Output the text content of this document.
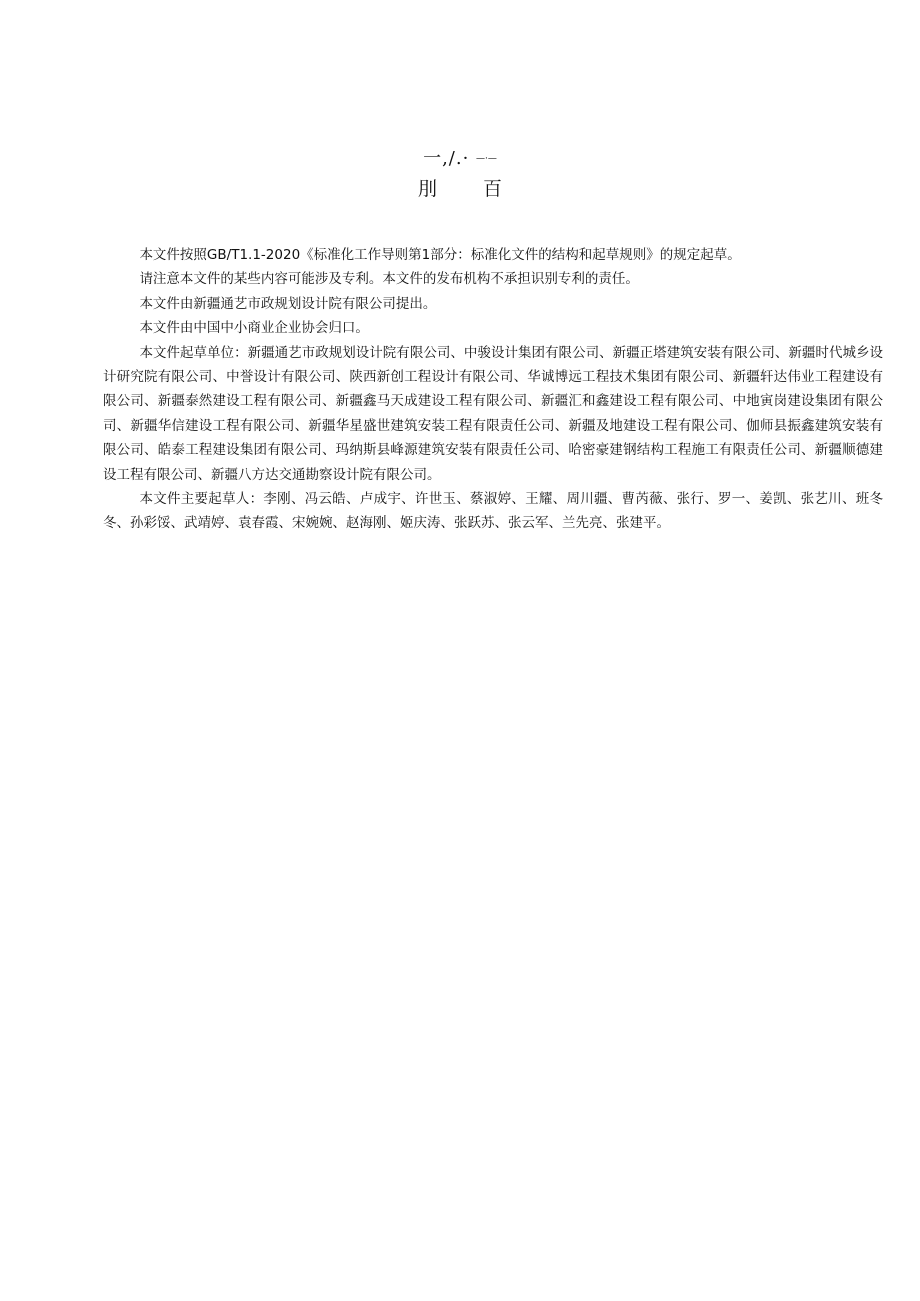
一,/.· —·—
刖百

本文件按照GB/T1.1-2020《标准化工作导则第1部分：标准化文件的结构和起草规则》的规定起草。

请注意本文件的某些内容可能涉及专利。本文件的发布机构不承担识别专利的责任。

本文件由新疆通艺市政规划设计院有限公司提出。

本文件由中国中小商业企业协会归口。

本文件起草单位：新疆通艺市政规划设计院有限公司、中骏设计集团有限公司、新疆正塔建筑安装有限公司、新疆时代城乡设计研究院有限公司、中誉设计有限公司、陕西新创工程设计有限公司、华诚博远工程技术集团有限公司、新疆轩达伟业工程建设有限公司、新疆泰然建设工程有限公司、新疆鑫马天成建设工程有限公司、新疆汇和鑫建设工程有限公司、中地寅岗建设集团有限公司、新疆华信建设工程有限公司、新疆华星盛世建筑安装工程有限责任公司、新疆及地建设工程有限公司、伽师县振鑫建筑安装有限公司、皓泰工程建设集团有限公司、玛纳斯县峰源建筑安装有限责任公司、哈密豪建钢结构工程施工有限责任公司、新疆顺德建设工程有限公司、新疆八方达交通勘察设计院有限公司。

本文件主要起草人：李刚、冯云皓、卢成宇、许世玉、蔡淑婷、王耀、周川疆、曹芮薇、张行、罗一、姜凯、张艺川、班冬冬、孙彩馁、武靖婷、袁春霞、宋婉婉、赵海刚、姬庆涛、张跃苏、张云军、兰先亮、张建平。
